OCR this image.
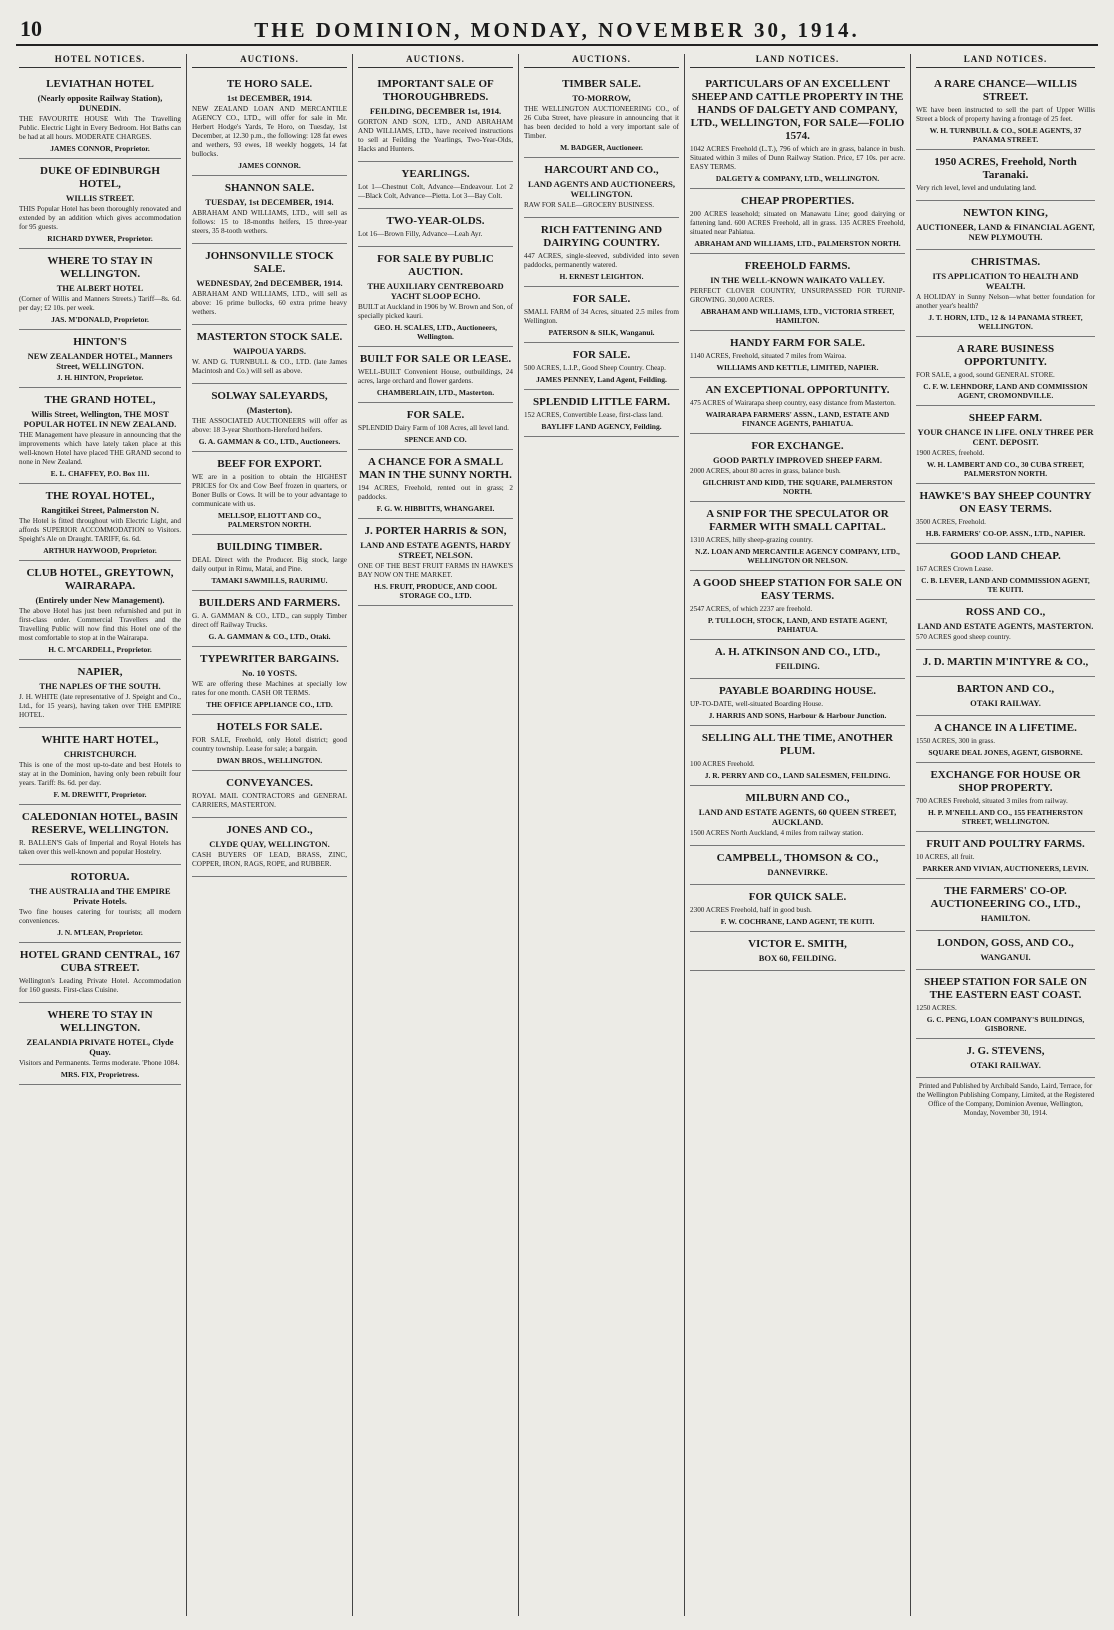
10	THE DOMINION, MONDAY, NOVEMBER 30, 1914.
HOTEL NOTICES.
LEVIATHAN HOTEL
(Nearly opposite Railway Station), DUNEDIN.
THE FAVOURITE HOUSE With The Travelling Public. Electric Light in Every Bedroom. Hot Baths can be had at all hours. MODERATE CHARGES.
JAMES CONNOR, Proprietor.
DUKE OF EDINBURGH HOTEL,
WILLIS STREET.
THIS Popular Hotel has been thoroughly renovated and extended by an addition which gives accommodation for 95 guests.
RICHARD DYWER, Proprietor.
WHERE TO STAY IN WELLINGTON.
THE ALBERT HOTEL
(Corner of Willis and Manners Streets.) Tariff—8s. 6d. per day; £2 10s. per week.
JAS. M'DONALD, Proprietor.
HINTON'S
NEW ZEALANDER HOTEL, Manners Street, WELLINGTON.
J. H. HINTON, Proprietor.
THE GRAND HOTEL,
Willis Street, Wellington, THE MOST POPULAR HOTEL IN NEW ZEALAND.
THE Management have pleasure in announcing that the improvements which have lately taken place at this well-known Hotel have placed THE GRAND second to none in New Zealand.
E. L. CHAFFEY, P.O. Box 111.
THE ROYAL HOTEL,
Rangitikei Street, Palmerston N.
The Hotel is fitted throughout with Electric Light, and affords SUPERIOR ACCOMMODATION to Visitors. Speight's Ale on Draught. TARIFF, 6s. 6d.
ARTHUR HAYWOOD, Proprietor.
CLUB HOTEL, GREYTOWN, WAIRARAPA.
(Entirely under New Management).
The above Hotel has just been refurnished and put in first-class order. Commercial Travellers and the Travelling Public will now find this Hotel one of the most comfortable to stop at in the Wairarapa.
H. C. M'CARDELL, Proprietor.
NAPIER,
THE NAPLES OF THE SOUTH.
J. H. WHITE (late representative of J. Speight and Co., Ltd., for 15 years), having taken over THE EMPIRE HOTEL.
WHITE HART HOTEL,
CHRISTCHURCH.
This is one of the most up-to-date and best Hotels to stay at in the Dominion, having only been rebuilt four years. Tariff: 8s. 6d. per day.
F. M. DREWITT, Proprietor.
CALEDONIAN HOTEL, BASIN RESERVE, WELLINGTON.
R. BALLEN'S Gals of Imperial and Royal Hotels has taken over this well-known and popular Hostelry.
ROTORUA.
THE AUSTRALIA and THE EMPIRE Private Hotels.
Two fine houses catering for tourists; all modern conveniences.
J. N. M'LEAN, Proprietor.
HOTEL GRAND CENTRAL, 167 CUBA STREET.
Wellington's Leading Private Hotel. Accommodation for 160 guests. First-class Cuisine.
WHERE TO STAY IN WELLINGTON.
ZEALANDIA PRIVATE HOTEL, Clyde Quay.
Visitors and Permanents. Terms moderate. 'Phone 1084.
MRS. FIX, Proprietress.
AUCTIONS.
TE HORO SALE.
1st DECEMBER, 1914.
NEW ZEALAND LOAN AND MERCANTILE AGENCY CO., LTD., will offer for sale in Mr. Herbert Hodge's Yards, Te Horo, on Tuesday, 1st December, at 12.30 p.m., the following: 128 fat ewes and wethers, 93 ewes, 18 weekly hoggets, 14 fat bullocks.
JAMES CONNOR.
SHANNON SALE.
TUESDAY, 1st DECEMBER, 1914.
ABRAHAM AND WILLIAMS, LTD., will sell as follows: 15 to 18-months heifers, 15 three-year steers, 35 8-tooth wethers.
JOHNSONVILLE STOCK SALE.
WEDNESDAY, 2nd DECEMBER, 1914.
ABRAHAM AND WILLIAMS, LTD., will sell as above: 16 prime bullocks, 60 extra prime heavy wethers.
MASTERTON STOCK SALE.
WAIPOUA YARDS.
W. AND G. TURNBULL & CO., LTD. (late James Macintosh and Co.) will sell as above.
SOLWAY SALEYARDS,
(Masterton).
THE ASSOCIATED AUCTIONEERS will offer as above: 18 3-year Shorthorn-Hereford heifers.
G. A. GAMMAN & CO., LTD., Auctioneers.
BEEF FOR EXPORT.
WE are in a position to obtain the HIGHEST PRICES for Ox and Cow Beef frozen in quarters, or Boner Bulls or Cows. It will be to your advantage to communicate with us.
MELLSOP, ELIOTT AND CO., PALMERSTON NORTH.
BUILDING TIMBER.
DEAL Direct with the Producer. Big stock, large daily output in Rimu, Matai, and Pine.
TAMAKI SAWMILLS, RAURIMU.
BUILDERS AND FARMERS.
G. A. GAMMAN & CO., LTD., can supply Timber direct off Railway Trucks.
G. A. GAMMAN & CO., LTD., Otaki.
TYPEWRITER BARGAINS.
No. 10 YOSTS.
WE are offering these Machines at specially low rates for one month. CASH OR TERMS.
THE OFFICE APPLIANCE CO., LTD.
HOTELS FOR SALE.
FOR SALE, Freehold, only Hotel district; good country township. Lease for sale; a bargain.
DWAN BROS., WELLINGTON.
CONVEYANCES.
ROYAL MAIL CONTRACTORS and GENERAL CARRIERS, MASTERTON.
JONES AND CO.,
CLYDE QUAY, WELLINGTON.
CASH BUYERS OF LEAD, BRASS, ZINC, COPPER, IRON, RAGS, ROPE, and RUBBER.
AUCTIONS.
IMPORTANT SALE OF THOROUGHBREDS.
FEILDING, DECEMBER 1st, 1914.
GORTON AND SON, LTD., AND ABRAHAM AND WILLIAMS, LTD., have received instructions to sell at Feilding the Yearlings, Two-Year-Olds, Hacks and Hunters.
YEARLINGS.
Lot 1—Chestnut Colt, Advance—Endeavour. Lot 2—Black Colt, Advance—Pietta. Lot 3—Bay Colt.
TWO-YEAR-OLDS.
Lot 16—Brown Filly, Advance—Leah Ayr.
FOR SALE BY PUBLIC AUCTION.
THE AUXILIARY CENTREBOARD YACHT SLOOP ECHO.
BUILT at Auckland in 1906 by W. Brown and Son, of specially picked kauri.
GEO. H. SCALES, LTD., Auctioneers, Wellington.
BUILT FOR SALE OR LEASE.
WELL-BUILT Convenient House, outbuildings, 24 acres, large orchard and flower gardens.
CHAMBERLAIN, LTD., Masterton.
FOR SALE.
SPLENDID Dairy Farm of 108 Acres, all level land.
SPENCE AND CO.
A CHANCE FOR A SMALL MAN IN THE SUNNY NORTH.
194 ACRES, Freehold, rented out in grass; 2 paddocks.
F. G. W. HIBBITTS, WHANGAREI.
J. PORTER HARRIS & SON,
LAND AND ESTATE AGENTS, HARDY STREET, NELSON.
ONE OF THE BEST FRUIT FARMS IN HAWKE'S BAY NOW ON THE MARKET.
H.S. FRUIT, PRODUCE, AND COOL STORAGE CO., LTD.
AUCTIONS.
TIMBER SALE.
TO-MORROW,
THE WELLINGTON AUCTIONEERING CO., of 26 Cuba Street, have pleasure in announcing that it has been decided to hold a very important sale of Timber.
M. BADGER, Auctioneer.
HARCOURT AND CO.,
LAND AGENTS AND AUCTIONEERS, WELLINGTON.
RAW FOR SALE—GROCERY BUSINESS.
RICH FATTENING AND DAIRYING COUNTRY.
447 ACRES, single-sleeved, subdivided into seven paddocks, permanently watered.
H. ERNEST LEIGHTON.
FOR SALE.
SMALL FARM of 34 Acres, situated 2.5 miles from Wellington.
PATERSON & SILK, Wanganui.
FOR SALE.
500 ACRES, L.I.P., Good Sheep Country. Cheap.
JAMES PENNEY, Land Agent, Feilding.
SPLENDID LITTLE FARM.
152 ACRES, Convertible Lease, first-class land.
BAYLIFF LAND AGENCY, Feilding.
LAND NOTICES.
PARTICULARS OF AN EXCELLENT SHEEP AND CATTLE PROPERTY IN THE HANDS OF DALGETY AND COMPANY, LTD., WELLINGTON, FOR SALE—FOLIO 1574.
1042 ACRES Freehold (L.T.), 796 of which are in grass, balance in bush. Situated within 3 miles of Dunn Railway Station. Price, £7 10s. per acre. EASY TERMS.
DALGETY & COMPANY, LTD., WELLINGTON.
CHEAP PROPERTIES.
200 ACRES leasehold; situated on Manawatu Line; good dairying or fattening land. 600 ACRES Freehold, all in grass. 135 ACRES Freehold, situated near Pahiatua.
ABRAHAM AND WILLIAMS, LTD., PALMERSTON NORTH.
FREEHOLD FARMS.
IN THE WELL-KNOWN WAIKATO VALLEY.
PERFECT CLOVER COUNTRY, UNSURPASSED FOR TURNIP-GROWING. 30,000 ACRES.
ABRAHAM AND WILLIAMS, LTD., VICTORIA STREET, HAMILTON.
HANDY FARM FOR SALE.
1140 ACRES, Freehold, situated 7 miles from Wairoa.
WILLIAMS AND KETTLE, LIMITED, NAPIER.
AN EXCEPTIONAL OPPORTUNITY.
475 ACRES of Wairarapa sheep country, easy distance from Masterton.
WAIRARAPA FARMERS' ASSN., LAND, ESTATE AND FINANCE AGENTS, PAHIATUA.
FOR EXCHANGE.
GOOD PARTLY IMPROVED SHEEP FARM.
2000 ACRES, about 80 acres in grass, balance bush.
GILCHRIST AND KIDD, THE SQUARE, PALMERSTON NORTH.
A SNIP FOR THE SPECULATOR OR FARMER WITH SMALL CAPITAL.
1310 ACRES, hilly sheep-grazing country.
N.Z. LOAN AND MERCANTILE AGENCY COMPANY, LTD., WELLINGTON OR NELSON.
A GOOD SHEEP STATION FOR SALE ON EASY TERMS.
2547 ACRES, of which 2237 are freehold.
P. TULLOCH, STOCK, LAND, AND ESTATE AGENT, PAHIATUA.
A. H. ATKINSON AND CO., LTD.,
FEILDING.
PAYABLE BOARDING HOUSE.
UP-TO-DATE, well-situated Boarding House.
J. HARRIS AND SONS, Harbour & Harbour Junction.
SELLING ALL THE TIME, ANOTHER PLUM.
100 ACRES Freehold.
J. R. PERRY AND CO., LAND SALESMEN, FEILDING.
MILBURN AND CO.,
LAND AND ESTATE AGENTS, 60 QUEEN STREET, AUCKLAND.
1500 ACRES North Auckland, 4 miles from railway station.
CAMPBELL, THOMSON & CO.,
DANNEVIRKE.
FOR QUICK SALE.
2300 ACRES Freehold, half in good bush.
F. W. COCHRANE, LAND AGENT, TE KUITI.
VICTOR E. SMITH,
BOX 60, FEILDING.
LAND NOTICES.
A RARE CHANCE—WILLIS STREET.
WE have been instructed to sell the part of Upper Willis Street a block of property having a frontage of 25 feet.
W. H. TURNBULL & CO., SOLE AGENTS, 37 PANAMA STREET.
1950 ACRES, Freehold, North Taranaki.
Very rich level, level and undulating land.
NEWTON KING,
AUCTIONEER, LAND & FINANCIAL AGENT, NEW PLYMOUTH.
CHRISTMAS.
ITS APPLICATION TO HEALTH AND WEALTH.
A HOLIDAY in Sunny Nelson—what better foundation for another year's health?
J. T. HORN, LTD., 12 & 14 PANAMA STREET, WELLINGTON.
A RARE BUSINESS OPPORTUNITY.
FOR SALE, a good, sound GENERAL STORE.
C. F. W. LEHNDORF, LAND AND COMMISSION AGENT, CROMONDVILLE.
SHEEP FARM.
YOUR CHANCE IN LIFE. ONLY THREE PER CENT. DEPOSIT.
1900 ACRES, freehold.
W. H. LAMBERT AND CO., 30 CUBA STREET, PALMERSTON NORTH.
HAWKE'S BAY SHEEP COUNTRY ON EASY TERMS.
3500 ACRES, Freehold.
H.B. FARMERS' CO-OP. ASSN., LTD., NAPIER.
GOOD LAND CHEAP.
167 ACRES Crown Lease.
C. B. LEVER, LAND AND COMMISSION AGENT, TE KUITI.
ROSS AND CO.,
LAND AND ESTATE AGENTS, MASTERTON.
570 ACRES good sheep country.
J. D. MARTIN M'INTYRE & CO.,
BARTON AND CO.,
OTAKI RAILWAY.
A CHANCE IN A LIFETIME.
1550 ACRES, 300 in grass.
SQUARE DEAL JONES, AGENT, GISBORNE.
EXCHANGE FOR HOUSE OR SHOP PROPERTY.
700 ACRES Freehold, situated 3 miles from railway.
H. P. M'NEILL AND CO., 155 FEATHERSTON STREET, WELLINGTON.
FRUIT AND POULTRY FARMS.
10 ACRES, all fruit.
PARKER AND VIVIAN, AUCTIONEERS, LEVIN.
THE FARMERS' CO-OP. AUCTIONEERING CO., LTD.,
HAMILTON.
LONDON, GOSS, AND CO.,
WANGANUI.
SHEEP STATION FOR SALE ON THE EASTERN EAST COAST.
1250 ACRES.
G. C. PENG, LOAN COMPANY'S BUILDINGS, GISBORNE.
J. G. STEVENS,
OTAKI RAILWAY.
Printed and Published by Archibald Sando, Laird, Terrace, for the Wellington Publishing Company, Limited, at the Registered Office of the Company, Dominion Avenue, Wellington, Monday, November 30, 1914.
